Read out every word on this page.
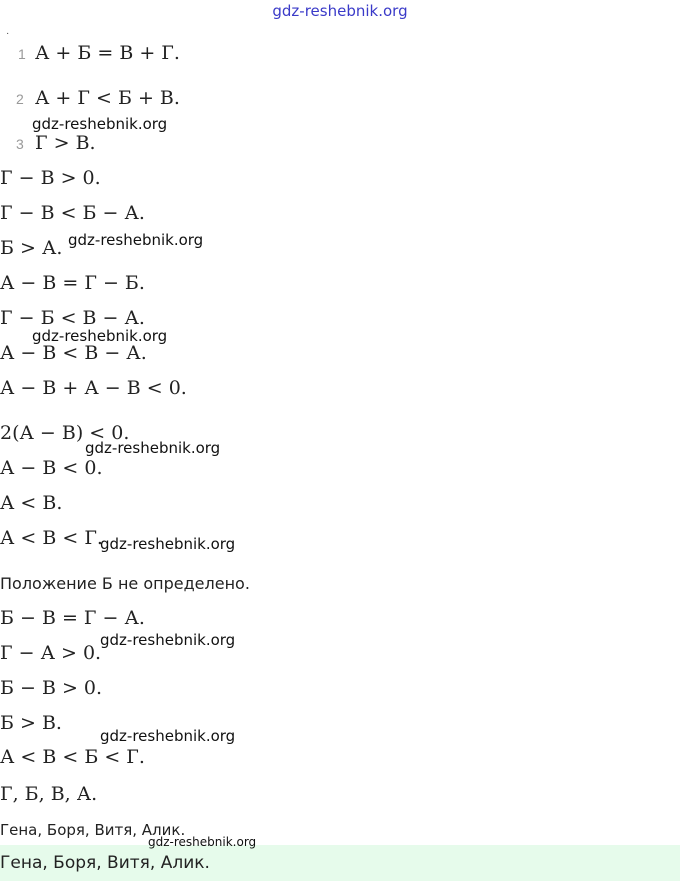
gdz-reshebnik.org
·
1 А + Б = В + Г.
2 А + Г < Б + В.
3 Г > В.
Г − В > 0.
Г − В < Б − А.
Б > А.
А − В = Г − Б.
Г − Б < В − А.
А − В < В − А.
А − В + А − В < 0.
2(А − В) < 0.
А − В < 0.
А < В.
А < В < Г.
Положение Б не определено.
Б − В = Г − А.
Г − А > 0.
Б − В > 0.
Б > В.
А < В < Б < Г.
Г, Б, В, А.
Гена, Боря, Витя, Алик.
Гена, Боря, Витя, Алик.
gdz-reshebnik.org
gdz-reshebnik.org
gdz-reshebnik.org
gdz-reshebnik.org
gdz-reshebnik.org
gdz-reshebnik.org
gdz-reshebnik.org
gdz-reshebnik.org
